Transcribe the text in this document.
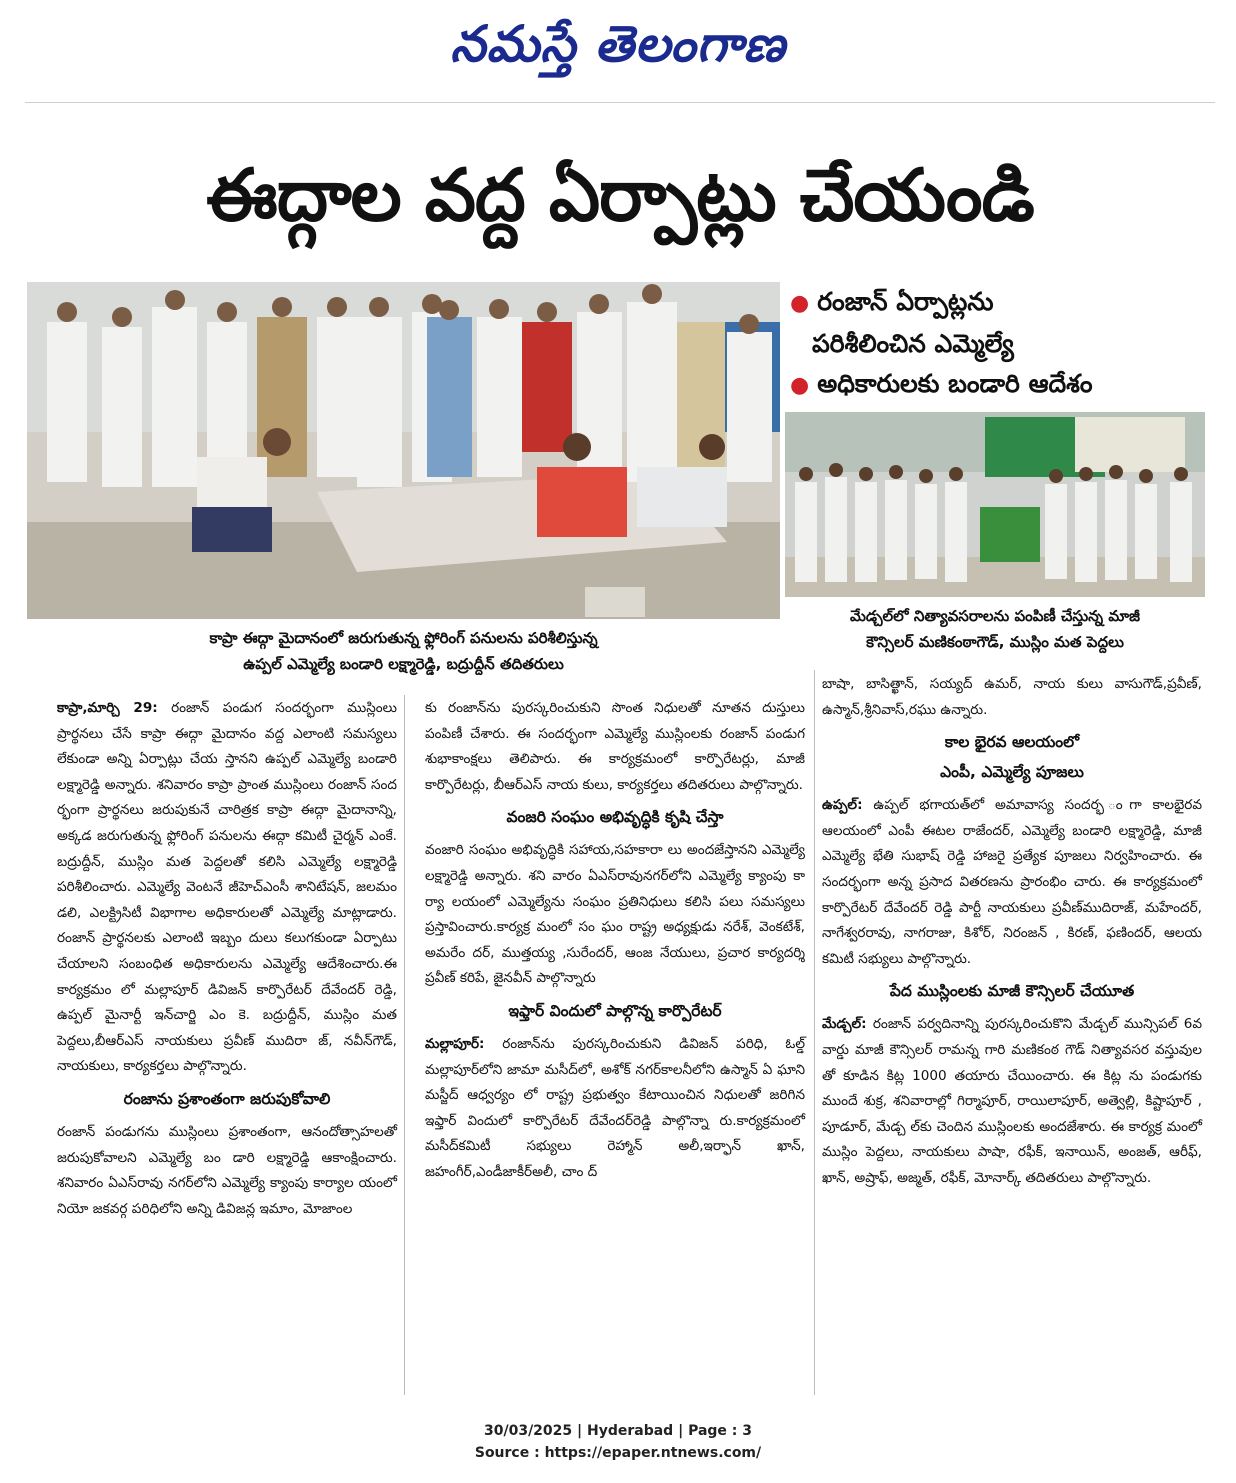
నమస్తే తెలంగాణ
ఈద్గాల వద్ద ఏర్పాట్లు చేయండి
● రంజాన్ ఏర్పాట్లను
పరిశీలించిన ఎమ్మెల్యే
● అధికారులకు బండారి ఆదేశం
కాప్రా ఈద్గా మైదానంలో జరుగుతున్న ఫ్లోరింగ్ పనులను పరిశీలిస్తున్న
ఉప్పల్ ఎమ్మెల్యే బండారి లక్ష్మారెడ్డి, బద్రుద్దీన్ తదితరులు
మేడ్చల్‌లో నిత్యావసరాలను పంపిణీ చేస్తున్న మాజీ
కౌన్సిలర్ మణికంఠాగౌడ్, ముస్లిం మత పెద్దలు

కాప్రా,మార్చి 29: రంజాన్ పండుగ సందర్భంగా ముస్లింలు ప్రార్థనలు చేసే కాప్రా ఈద్గా మైదానం వద్ద ఎలాంటి సమస్యలు లేకుండా అన్ని ఏర్పాట్లు చేయ స్తానని ఉప్పల్ ఎమ్మెల్యే బండారి లక్ష్మారెడ్డి అన్నారు. శనివారం కాప్రా ప్రాంత ముస్లింలు రంజాన్ సంద ర్భంగా ప్రార్థనలు జరుపుకునే చారిత్రక కాప్రా ఈద్గా మైదానాన్ని, అక్కడ జరుగుతున్న ఫ్లోరింగ్ పనులను ఈద్గా కమిటీ చైర్మన్ ఎంకే. బద్రుద్దీన్, ముస్లిం మత పెద్దలతో కలిసి ఎమ్మెల్యే లక్ష్మారెడ్డి పరిశీలించారు. ఎమ్మెల్యే వెంటనే జీహెచ్ఎంసీ శానిటేషన్, జలమం డలి, ఎలక్ట్రిసిటీ విభాగాల అధికారులతో ఎమ్మెల్యే మాట్లాడారు. రంజాన్ ప్రార్థనలకు ఎలాంటి ఇబ్బం దులు కలుగకుండా ఏర్పాటు చేయాలని సంబంధిత అధికారులను ఎమ్మెల్యే ఆదేశించారు.ఈ కార్యక్రమం లో మల్లాపూర్ డివిజన్ కార్పొరేటర్ దేవేందర్ రెడ్డి, ఉప్పల్ మైనార్టీ ఇన్‌చార్జి ఎం కె. బద్రుద్దీన్, ముస్లిం మత పెద్దలు,బీఆర్ఎస్ నాయకులు ప్రవీణ్ ముదిరా జ్, నవీన్‌గౌడ్, నాయకులు, కార్యకర్తలు పాల్గొన్నారు.

రంజాను ప్రశాంతంగా జరుపుకోవాలి

రంజాన్ పండుగను ముస్లింలు ప్రశాంతంగా, ఆనందోత్సాహలతో జరుపుకోవాలని ఎమ్మెల్యే బం డారి లక్ష్మారెడ్డి ఆకాంక్షించారు. శనివారం ఏఎస్‌రావు నగర్‌లోని ఎమ్మెల్యే క్యాంపు కార్యాల యంలో నియో జకవర్గ పరిధిలోని అన్ని డివిజన్ల ఇమాం, మోజాంల

కు రంజాన్‌ను పురస్కరించుకుని సొంత నిధులతో నూతన దుస్తులు పంపిణీ చేశారు. ఈ సందర్భంగా ఎమ్మెల్యే ముస్లింలకు రంజాన్ పండుగ శుభాకాంక్షలు తెలిపారు. ఈ కార్యక్రమంలో కార్పొరేటర్లు, మాజీ కార్పొరేటర్లు, బీఆర్ఎస్ నాయ కులు, కార్యకర్తలు తదితరులు పాల్గొన్నారు.

వంజరి సంఘం అభివృద్ధికి కృషి చేస్తా

వంజారి సంఘం అభివృద్ధికి సహాయ,సహకారా లు అందజేస్తానని ఎమ్మెల్యే లక్ష్మారెడ్డి అన్నారు. శని వారం ఏఎస్‌రావునగర్‌లోని ఎమ్మెల్యే క్యాంపు కా ర్యా లయంలో ఎమ్మెల్యేను సంఘం ప్రతినిధులు కలిసి పలు సమస్యలు ప్రస్తావించారు.కార్యక్ర మంలో సం ఘం రాష్ట్ర అధ్యక్షుడు నరేశ్, వెంకటేశ్, అమరేం దర్, ముత్తయ్య ,సురేందర్, ఆంజ నేయులు, ప్రచార కార్యదర్శి ప్రవీణ్ కరిపే, జైనవీన్ పాల్గొన్నారు

ఇఫ్తార్ విందులో పాల్గొన్న కార్పొరేటర్

మల్లాపూర్: రంజాన్‌ను పురస్కరించుకుని డివిజన్ పరిధి, ఓల్డ్ మల్లాపూర్‌లోని జామా మసీద్‌లో, అశోక్ నగర్‌కాలనీలోని ఉస్మాన్ ఏ ఘాని మస్జీద్ ఆధ్వర్యం లో రాష్ట్ర ప్రభుత్వం కేటాయించిన నిధులతో జరిగిన ఇఫ్తార్ విందులో కార్పొరేటర్ దేవేందర్‌రెడ్డి పాల్గొన్నా రు.కార్యక్రమంలో మసీద్‌కమిటీ సభ్యులు రెహ్మాన్ అలీ,ఇర్ఫాన్ ఖాన్, జహంగీర్,ఎండీజాకీర్‌అలీ, చాం ద్

బాషా, బాసిత్ఖాన్, సయ్యద్ ఉమర్, నాయ కులు వాసుగౌడ్,ప్రవీణ్, ఉస్మాన్,శ్రీనివాస్,రఘు ఉన్నారు.

కాల భైరవ ఆలయంలో
ఎంపీ, ఎమ్మెల్యే పూజలు

ఉప్పల్: ఉప్పల్ భగాయత్‌లో అమావాస్య సందర్భ ంగా కాలభైరవ ఆలయంలో ఎంపీ ఈటల రాజేందర్, ఎమ్మెల్యే బండారి లక్ష్మారెడ్డి, మాజీ ఎమ్మెల్యే భేతి సుభాష్ రెడ్డి హాజరై ప్రత్యేక పూజలు నిర్వహించారు. ఈ సందర్భంగా అన్న ప్రసాద వితరణను ప్రారంభిం చారు. ఈ కార్యక్రమంలో కార్పొరేటర్ దేవేందర్ రెడ్డి పార్టీ నాయకులు ప్రవీణ్‌ముదిరాజ్, మహేందర్, నాగేశ్వరరావు, నాగరాజు, కిశోర్, నిరంజన్ , కిరణ్, ఫణిందర్, ఆలయ కమిటీ సభ్యులు పాల్గొన్నారు.

పేద ముస్లింలకు మాజీ కౌన్సిలర్ చేయూత

మేడ్చల్: రంజాన్ పర్వదినాన్ని పురస్కరించుకొని మేడ్చల్ మున్సిపల్ 6వ వార్డు మాజీ కౌన్సిలర్ రామన్న గారి మణికంఠ గౌడ్ నిత్యావసర వస్తువుల తో కూడిన కిట్ల 1000 తయారు చేయించారు. ఈ కిట్ల ను పండుగకు ముందే శుక్ర, శనివారాల్లో గిర్మాపూర్, రాయిలాపూర్, అత్వెల్లి, కిష్టాపూర్ , పూడూర్, మేడ్చ ల్‌కు చెందిన ముస్లింలకు అందజేశారు. ఈ కార్యక్ర మంలో ముస్లిం పెద్దలు, నాయకులు పాషా, రఫీక్, ఇనాయిన్, అంజత్, ఆరీఫ్, ఖాన్, అష్రాఫ్, అజ్మత్, రఫీక్, మోనార్క్ తదితరులు పాల్గొన్నారు.

30/03/2025 | Hyderabad | Page : 3
Source : https://epaper.ntnews.com/
